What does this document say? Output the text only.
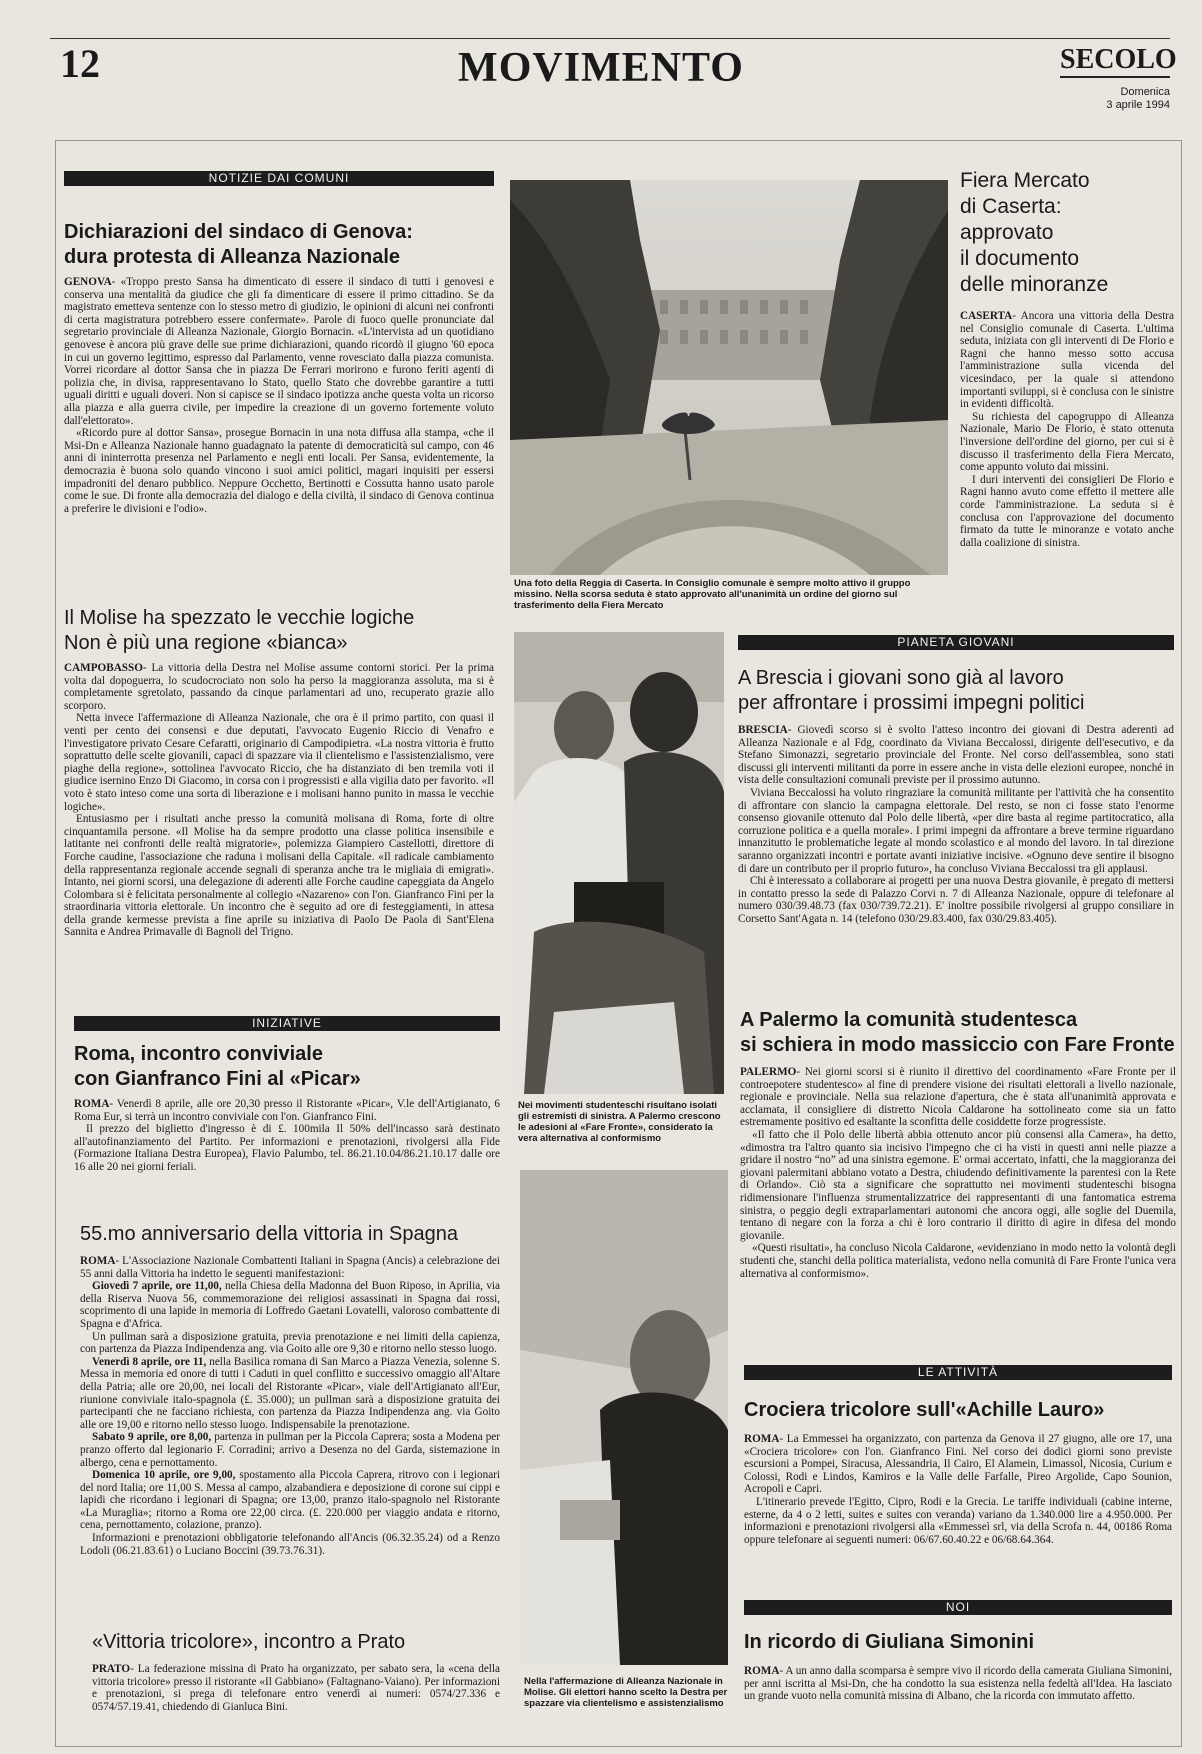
12	MOVIMENTO	SECOLO
Domenica
3 aprile 1994
NOTIZIE DAI COMUNI
Dichiarazioni del sindaco di Genova:
dura protesta di Alleanza Nazionale

GENOVA- «Troppo presto Sansa ha dimenticato di essere il sindaco di tutti i genovesi e conserva una mentalità da giudice che gli fa dimenticare di essere il primo cittadino. Se da magistrato emetteva sentenze con lo stesso metro di giudizio, le opinioni di alcuni nei confronti di certa magistratura potrebbero essere confermate». Parole di fuoco quelle pronunciate dal segretario provinciale di Alleanza Nazionale, Giorgio Bornacin. «L'intervista ad un quotidiano genovese è ancora più grave delle sue prime dichiarazioni, quando ricordò il giugno '60 epoca in cui un governo legittimo, espresso dal Parlamento, venne rovesciato dalla piazza comunista. Vorrei ricordare al dottor Sansa che in piazza De Ferrari morirono e furono feriti agenti di polizia che, in divisa, rappresentavano lo Stato, quello Stato che dovrebbe garantire a tutti uguali diritti e uguali doveri. Non si capisce se il sindaco ipotizza anche questa volta un ricorso alla piazza e alla guerra civile, per impedire la creazione di un governo fortemente voluto dall'elettorato».

«Ricordo pure al dottor Sansa», prosegue Bornacin in una nota diffusa alla stampa, «che il Msi-Dn e Alleanza Nazionale hanno guadagnato la patente di democraticità sul campo, con 46 anni di ininterrotta presenza nel Parlamento e negli enti locali. Per Sansa, evidentemente, la democrazia è buona solo quando vincono i suoi amici politici, magari inquisiti per essersi impadroniti del denaro pubblico. Neppure Occhetto, Bertinotti e Cossutta hanno usato parole come le sue. Di fronte alla democrazia del dialogo e della civiltà, il sindaco di Genova continua a preferire le divisioni e l'odio».

Il Molise ha spezzato le vecchie logiche
Non è più una regione «bianca»

CAMPOBASSO- La vittoria della Destra nel Molise assume contorni storici. Per la prima volta dal dopoguerra, lo scudocrociato non solo ha perso la maggioranza assoluta, ma si è completamente sgretolato, passando da cinque parlamentari ad uno, recuperato grazie allo scorporo.

Netta invece l'affermazione di Alleanza Nazionale, che ora è il primo partito, con quasi il venti per cento dei consensi e due deputati, l'avvocato Eugenio Riccio di Venafro e l'investigatore privato Cesare Cefaratti, originario di Campodipietra. «La nostra vittoria è frutto soprattutto delle scelte giovanili, capaci di spazzare via il clientelismo e l'assistenzialismo, vere piaghe della regione», sottolinea l'avvocato Riccio, che ha distanziato di ben tremila voti il giudice isernino Enzo Di Giacomo, in corsa con i progressisti e alla vigilia dato per favorito. «Il voto è stato inteso come una sorta di liberazione e i molisani hanno punito in massa le vecchie logiche».

Entusiasmo per i risultati anche presso la comunità molisana di Roma, forte di oltre cinquantamila persone. «Il Molise ha da sempre prodotto una classe politica insensibile e latitante nei confronti delle realtà migratorie», polemizza Giampiero Castellotti, direttore di Forche caudine, l'associazione che raduna i molisani della Capitale. «Il radicale cambiamento della rappresentanza regionale accende segnali di speranza anche tra le migliaia di emigrati». Intanto, nei giorni scorsi, una delegazione di aderenti alle Forche caudine capeggiata da Angelo Colombara si è felicitata personalmente al collegio «Nazareno» con l'on. Gianfranco Fini per la straordinaria vittoria elettorale. Un incontro che è seguito ad ore di festeggiamenti, in attesa della grande kermesse prevista a fine aprile su iniziativa di Paolo De Paola di Sant'Elena Sannita e Andrea Primavalle di Bagnoli del Trigno.

INIZIATIVE
Roma, incontro conviviale
con Gianfranco Fini al «Picar»

ROMA- Venerdì 8 aprile, alle ore 20,30 presso il Ristorante «Picar», V.le dell'Artigianato, 6 Roma Eur, si terrà un incontro conviviale con l'on. Gianfranco Fini.

Il prezzo del biglietto d'ingresso è di £. 100mila Il 50% dell'incasso sarà destinato all'autofinanziamento del Partito. Per informazioni e prenotazioni, rivolgersi alla Fide (Formazione Italiana Destra Europea), Flavio Palumbo, tel. 86.21.10.04/86.21.10.17 dalle ore 16 alle 20 nei giorni feriali.

55.mo anniversario della vittoria in Spagna

ROMA- L'Associazione Nazionale Combattenti Italiani in Spagna (Ancis) a celebrazione dei 55 anni dalla Vittoria ha indetto le seguenti manifestazioni:

Giovedì 7 aprile, ore 11,00, nella Chiesa della Madonna del Buon Riposo, in Aprilia, via della Riserva Nuova 56, commemorazione dei religiosi assassinati in Spagna dai rossi, scoprimento di una lapide in memoria di Loffredo Gaetani Lovatelli, valoroso combattente di Spagna e d'Africa.

Un pullman sarà a disposizione gratuita, previa prenotazione e nei limiti della capienza, con partenza da Piazza Indipendenza ang. via Goito alle ore 9,30 e ritorno nello stesso luogo.

Venerdì 8 aprile, ore 11, nella Basilica romana di San Marco a Piazza Venezia, solenne S. Messa in memoria ed onore di tutti i Caduti in quel conflitto e successivo omaggio all'Altare della Patria; alle ore 20,00, nei locali del Ristorante «Picar», viale dell'Artigianato all'Eur, riunione conviviale italo-spagnola (£. 35.000); un pullman sarà a disposizione gratuita dei partecipanti che ne facciano richiesta, con partenza da Piazza Indipendenza ang. via Goito alle ore 19,00 e ritorno nello stesso luogo. Indispensabile la prenotazione.

Sabato 9 aprile, ore 8,00, partenza in pullman per la Piccola Caprera; sosta a Modena per pranzo offerto dal legionario F. Corradini; arrivo a Desenza no del Garda, sistemazione in albergo, cena e pernottamento.

Domenica 10 aprile, ore 9,00, spostamento alla Piccola Caprera, ritrovo con i legionari del nord Italia; ore 11,00 S. Messa al campo, alzabandiera e deposizione di corone sui cippi e lapidi che ricordano i legionari di Spagna; ore 13,00, pranzo italo-spagnolo nel Ristorante «La Muraglia»; ritorno a Roma ore 22,00 circa. (£. 220.000 per viaggio andata e ritorno, cena, pernottamento, colazione, pranzo).

Informazioni e prenotazioni obbligatorie telefonando all'Ancis (06.32.35.24) od a Renzo Lodoli (06.21.83.61) o Luciano Boccini (39.73.76.31).

«Vittoria tricolore», incontro a Prato

PRATO- La federazione missina di Prato ha organizzato, per sabato sera, la «cena della vittoria tricolore» presso il ristorante «Il Gabbiano» (Faltagnano-Vaiano). Per informazioni e prenotazioni, si prega di telefonare entro venerdì ai numeri: 0574/27.336 e 0574/57.19.41, chiedendo di Gianluca Bini.

Una foto della Reggia di Caserta. In Consiglio comunale è sempre molto attivo il gruppo missino. Nella scorsa seduta è stato approvato all'unanimità un ordine del giorno sul trasferimento della Fiera Mercato
Nei movimenti studenteschi risultano isolati gli estremisti di sinistra. A Palermo crescono le adesioni al «Fare Fronte», considerato la vera alternativa al conformismo
Nella l'affermazione di Alleanza Nazionale in Molise. Gli elettori hanno scelto la Destra per spazzare via clientelismo e assistenzialismo
Fiera Mercato
di Caserta:
approvato
il documento
delle minoranze

CASERTA- Ancora una vittoria della Destra nel Consiglio comunale di Caserta. L'ultima seduta, iniziata con gli interventi di De Florio e Ragni che hanno messo sotto accusa l'amministrazione sulla vicenda del vicesindaco, per la quale si attendono importanti sviluppi, si è conclusa con le sinistre in evidenti difficoltà.

Su richiesta del capogruppo di Alleanza Nazionale, Mario De Florio, è stato ottenuta l'inversione dell'ordine del giorno, per cui si è discusso il trasferimento della Fiera Mercato, come appunto voluto dai missini.

I duri interventi dei consiglieri De Florio e Ragni hanno avuto come effetto il mettere alle corde l'amministrazione. La seduta si è conclusa con l'approvazione del documento firmato da tutte le minoranze e votato anche dalla coalizione di sinistra.

PIANETA GIOVANI
A Brescia i giovani sono già al lavoro
per affrontare i prossimi impegni politici

BRESCIA- Giovedì scorso si è svolto l'atteso incontro dei giovani di Destra aderenti ad Alleanza Nazionale e al Fdg, coordinato da Viviana Beccalossi, dirigente dell'esecutivo, e da Stefano Simonazzi, segretario provinciale del Fronte. Nel corso dell'assemblea, sono stati discussi gli interventi militanti da porre in essere anche in vista delle elezioni europee, nonché in vista delle consultazioni comunali previste per il prossimo autunno.

Viviana Beccalossi ha voluto ringraziare la comunità militante per l'attività che ha consentito di affrontare con slancio la campagna elettorale. Del resto, se non ci fosse stato l'enorme consenso giovanile ottenuto dal Polo delle libertà, «per dire basta al regime partitocratico, alla corruzione politica e a quella morale». I primi impegni da affrontare a breve termine riguardano innanzitutto le problematiche legate al mondo scolastico e al mondo del lavoro. In tal direzione saranno organizzati incontri e portate avanti iniziative incisive. «Ognuno deve sentire il bisogno di dare un contributo per il proprio futuro», ha concluso Viviana Beccalossi tra gli applausi.

Chi è interessato a collaborare ai progetti per una nuova Destra giovanile, è pregato di mettersi in contatto presso la sede di Palazzo Corvi n. 7 di Alleanza Nazionale, oppure di telefonare al numero 030/39.48.73 (fax 030/739.72.21). E' inoltre possibile rivolgersi al gruppo consiliare in Corsetto Sant'Agata n. 14 (telefono 030/29.83.400, fax 030/29.83.405).

A Palermo la comunità studentesca
si schiera in modo massiccio con Fare Fronte

PALERMO- Nei giorni scorsi si è riunito il direttivo del coordinamento «Fare Fronte per il controepotere studentesco» al fine di prendere visione dei risultati elettorali a livello nazionale, regionale e provinciale. Nella sua relazione d'apertura, che è stata all'unanimità approvata e acclamata, il consigliere di distretto Nicola Caldarone ha sottolineato come sia un fatto estremamente positivo ed esaltante la sconfitta delle cosiddette forze progressiste.

«Il fatto che il Polo delle libertà abbia ottenuto ancor più consensi alla Camera», ha detto, «dimostra tra l'altro quanto sia incisivo l'impegno che ci ha visti in questi anni nelle piazze a gridare il nostro “no” ad una sinistra egemone. E' ormai accertato, infatti, che la maggioranza dei giovani palermitani abbiano votato a Destra, chiudendo definitivamente la parentesi con la Rete di Orlando». Ciò sta a significare che soprattutto nei movimenti studenteschi bisogna ridimensionare l'influenza strumentalizzatrice dei rappresentanti di una fantomatica estrema sinistra, o peggio degli extraparlamentari autonomi che ancora oggi, alle soglie del Duemila, tentano di negare con la forza a chi è loro contrario il diritto di agire in difesa del mondo giovanile.

«Questi risultati», ha concluso Nicola Caldarone, «evidenziano in modo netto la volontà degli studenti che, stanchi della politica materialista, vedono nella comunità di Fare Fronte l'unica vera alternativa al conformismo».

LE ATTIVITÀ
Crociera tricolore sull'«Achille Lauro»

ROMA- La Emmessei ha organizzato, con partenza da Genova il 27 giugno, alle ore 17, una «Crociera tricolore» con l'on. Gianfranco Fini. Nel corso dei dodici giorni sono previste escursioni a Pompei, Siracusa, Alessandria, Il Cairo, El Alamein, Limassol, Nicosia, Curium e Colossi, Rodi e Lindos, Kamiros e la Valle delle Farfalle, Pireo Argolide, Capo Sounion, Acropoli e Capri.

L'itinerario prevede l'Egitto, Cipro, Rodi e la Grecia. Le tariffe individuali (cabine interne, esterne, da 4 o 2 letti, suites e suites con veranda) variano da 1.340.000 lire a 4.950.000. Per informazioni e prenotazioni rivolgersi alla «Emmesseì srl, via della Scrofa n. 44, 00186 Roma oppure telefonare ai seguenti numeri: 06/67.60.40.22 e 06/68.64.364.

NOI
In ricordo di Giuliana Simonini

ROMA- A un anno dalla scomparsa è sempre vivo il ricordo della camerata Giuliana Simonini, per anni iscritta al Msi-Dn, che ha condotto la sua esistenza nella fedeltà all'Idea. Ha lasciato un grande vuoto nella comunità missina di Albano, che la ricorda con immutato affetto.
